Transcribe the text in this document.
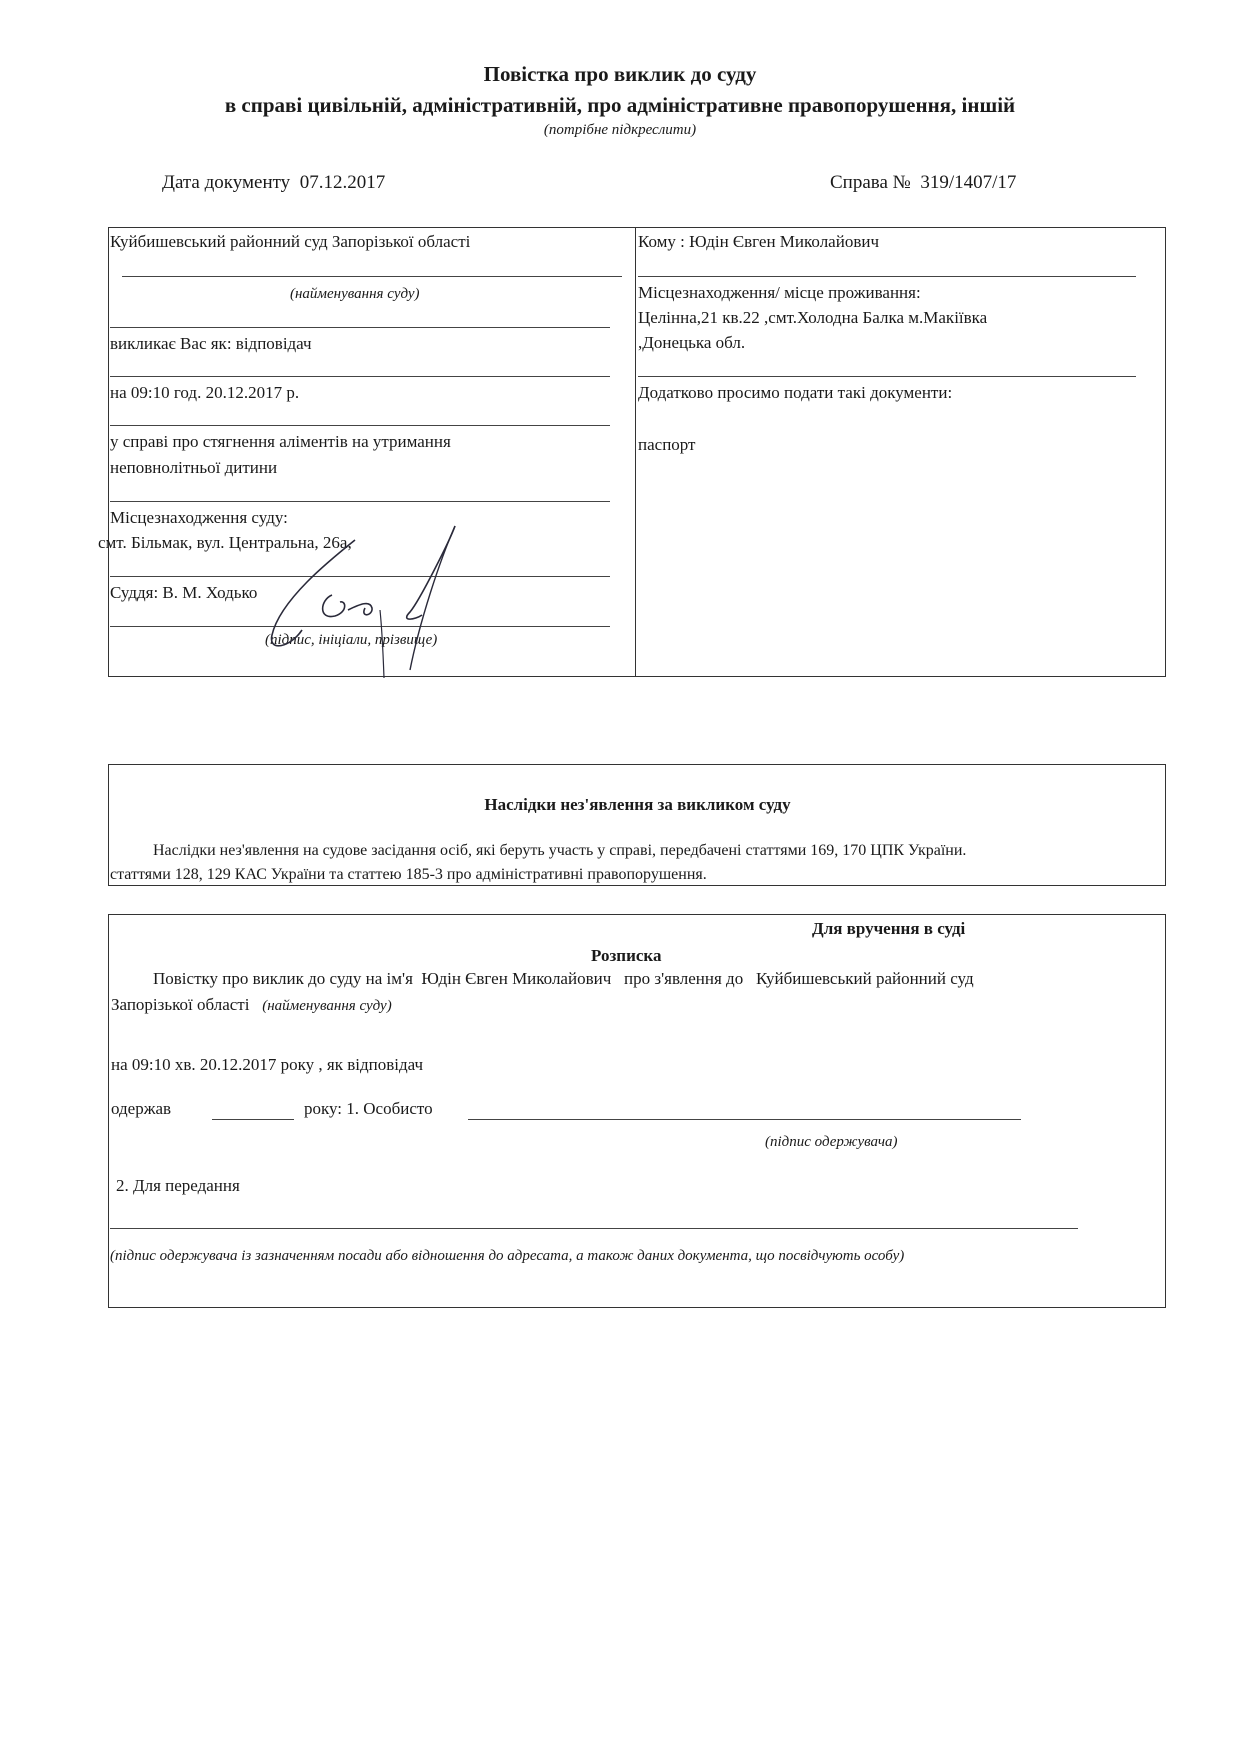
Повістка про виклик до суду
в справі цивільній, адміністративній, про адміністративне правопорушення, іншій
(потрібне підкреслити)
Дата документу 07.12.2017	Справа № 319/1407/17
Куйбишевський районний суд Запорізької області
(найменування суду)
викликає Вас як: відповідач
на 09:10 год. 20.12.2017 р.
у справі про стягнення аліментів на утримання
неповнолітньої дитини
Місцезнаходження суду:
смт. Більмак, вул. Центральна, 26а,
Суддя: В. М. Ходько
(підпис, ініціали, прізвище)
Кому : Юдін Євген Миколайович
Місцезнаходження/ місце проживання:
Целінна,21 кв.22 ,смт.Холодна Балка м.Макіївка
,Донецька обл.
Додатково просимо подати такі документи:
паспорт
Наслідки нез'явлення за викликом суду
Наслідки нез'явлення на судове засідання осіб, які беруть участь у справі, передбачені статтями 169, 170 ЦПК України.
статтями 128, 129 КАС України та статтею 185-3 про адміністративні правопорушення.
Для вручення в суді
Розписка
Повістку про виклик до суду на ім'я Юдін Євген Миколайович про з'явлення до Куйбишевський районний суд
Запорізької області (найменування суду)
на 09:10 хв. 20.12.2017 року , як відповідач
одержав	року: 1. Особисто
(підпис одержувача)
2. Для передання
(підпис одержувача із зазначенням посади або відношення до адресата, а також даних документа, що посвідчують особу)
